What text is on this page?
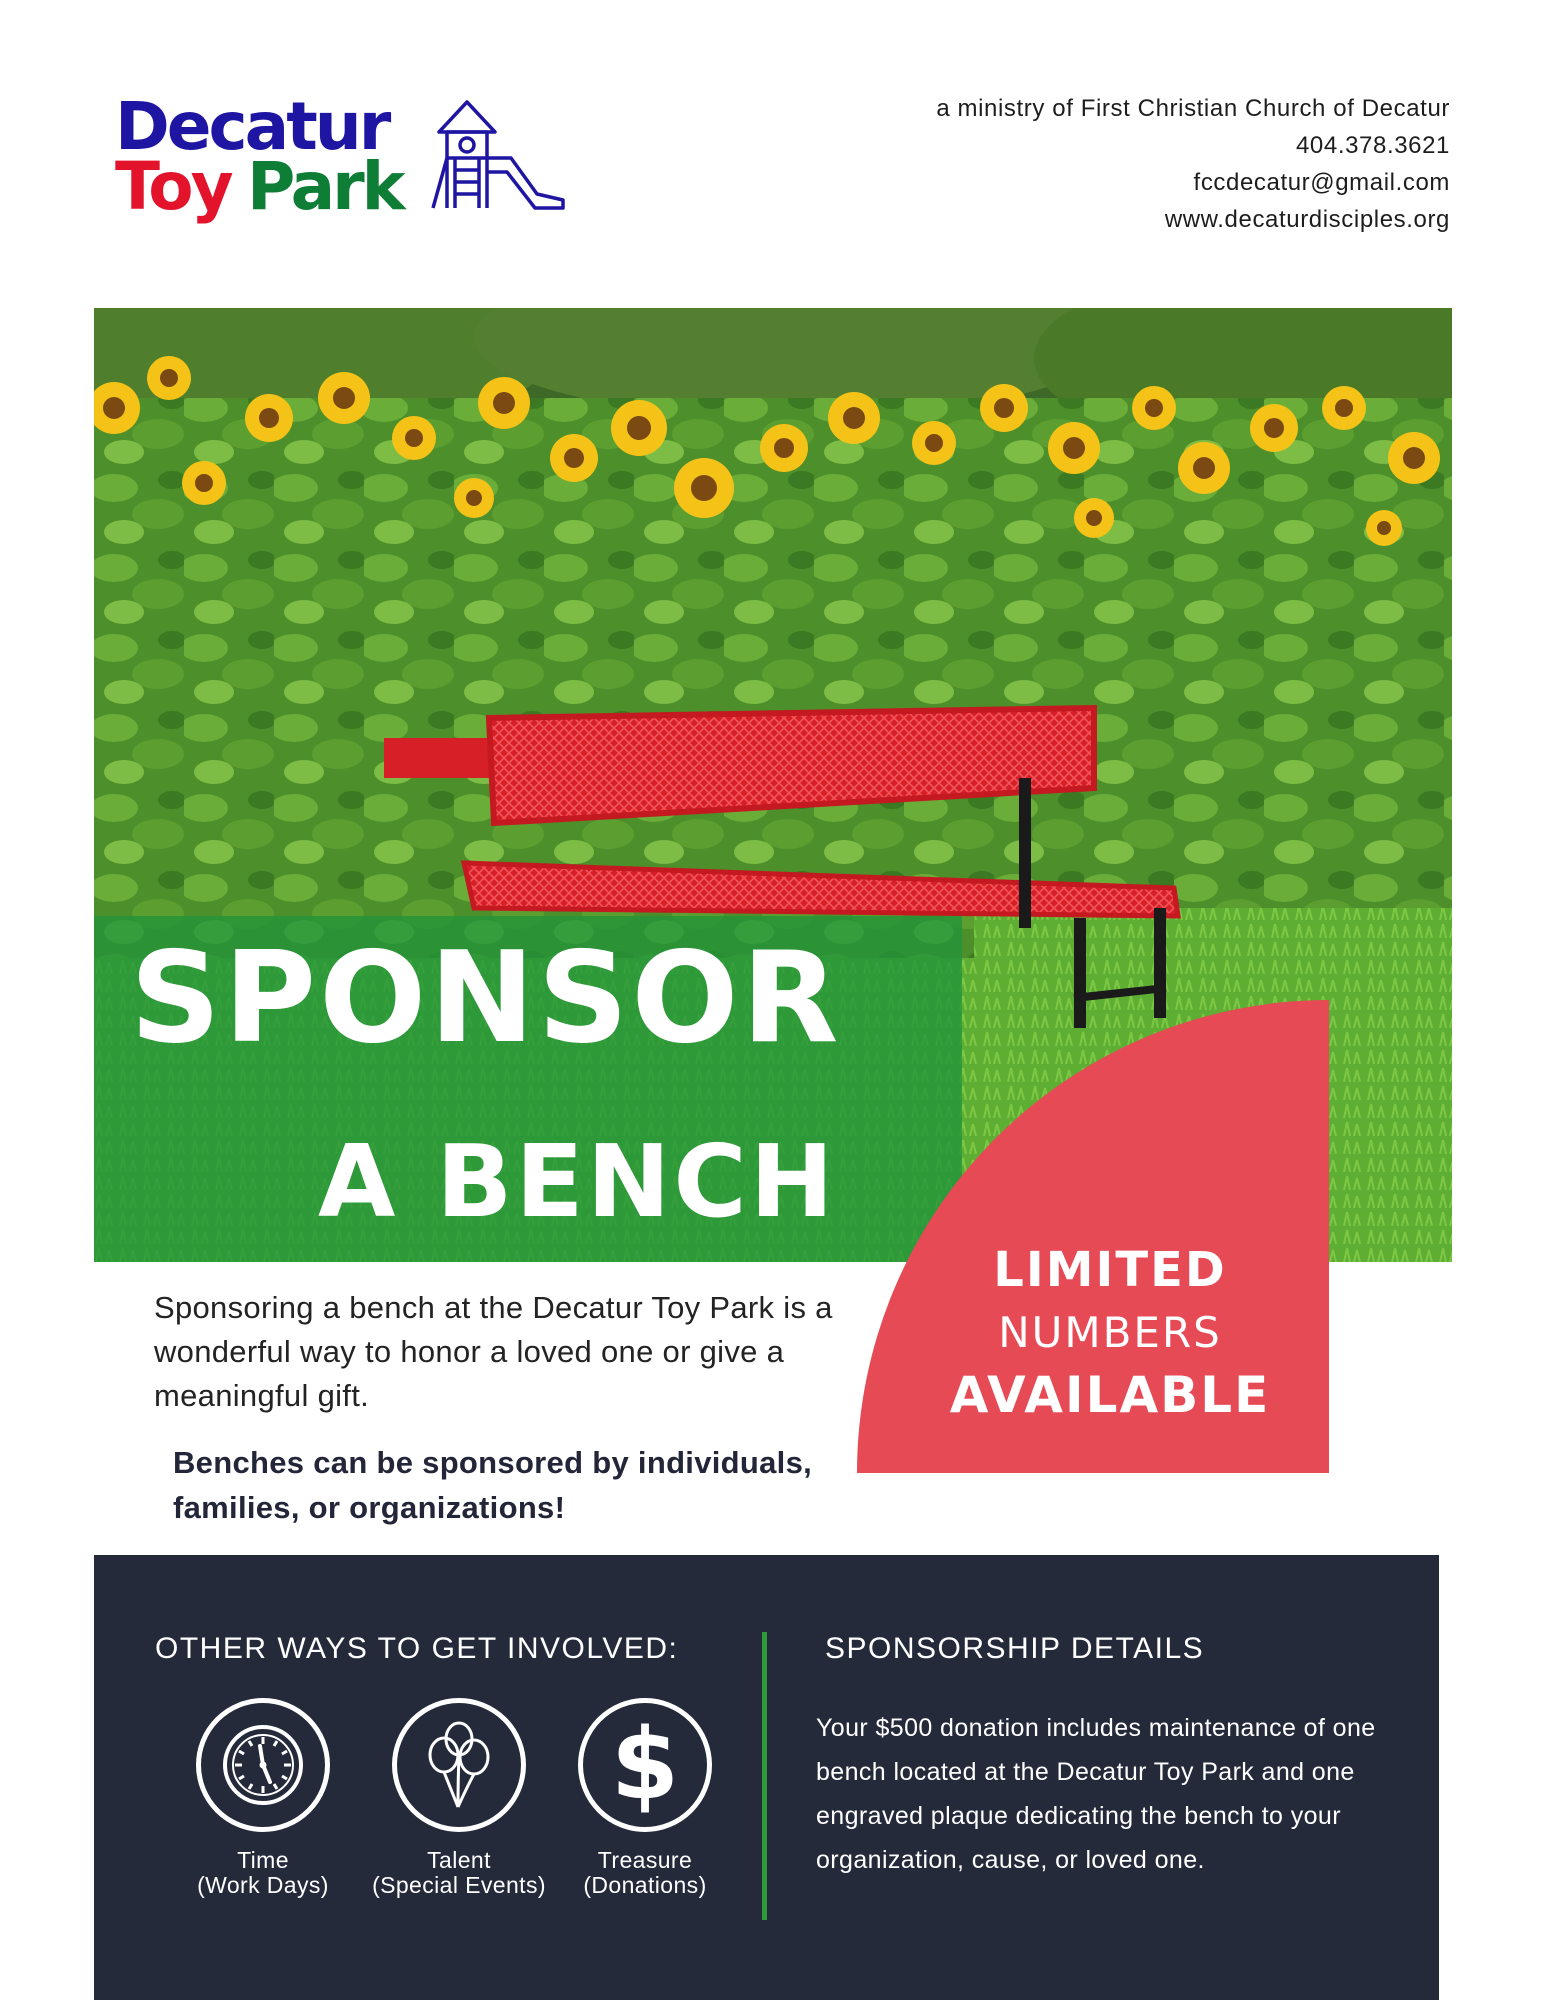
Decatur
Toy Park
a ministry of First Christian Church of Decatur
404.378.3621
fccdecatur@gmail.com
www.decaturdisciples.org
SPONSOR
A BENCH
LIMITED
NUMBERS
AVAILABLE
Sponsoring a bench at the Decatur Toy Park is a wonderful way to honor a loved one or give a meaningful gift.
Benches can be sponsored by individuals, families, or organizations!
OTHER WAYS TO GET INVOLVED:	SPONSORSHIP DETAILS
Time
(Work Days)
Talent
(Special Events)
$
Treasure
(Donations)
Your $500 donation includes maintenance of one bench located at the Decatur Toy Park and one engraved plaque dedicating the bench to your organization, cause, or loved one.
